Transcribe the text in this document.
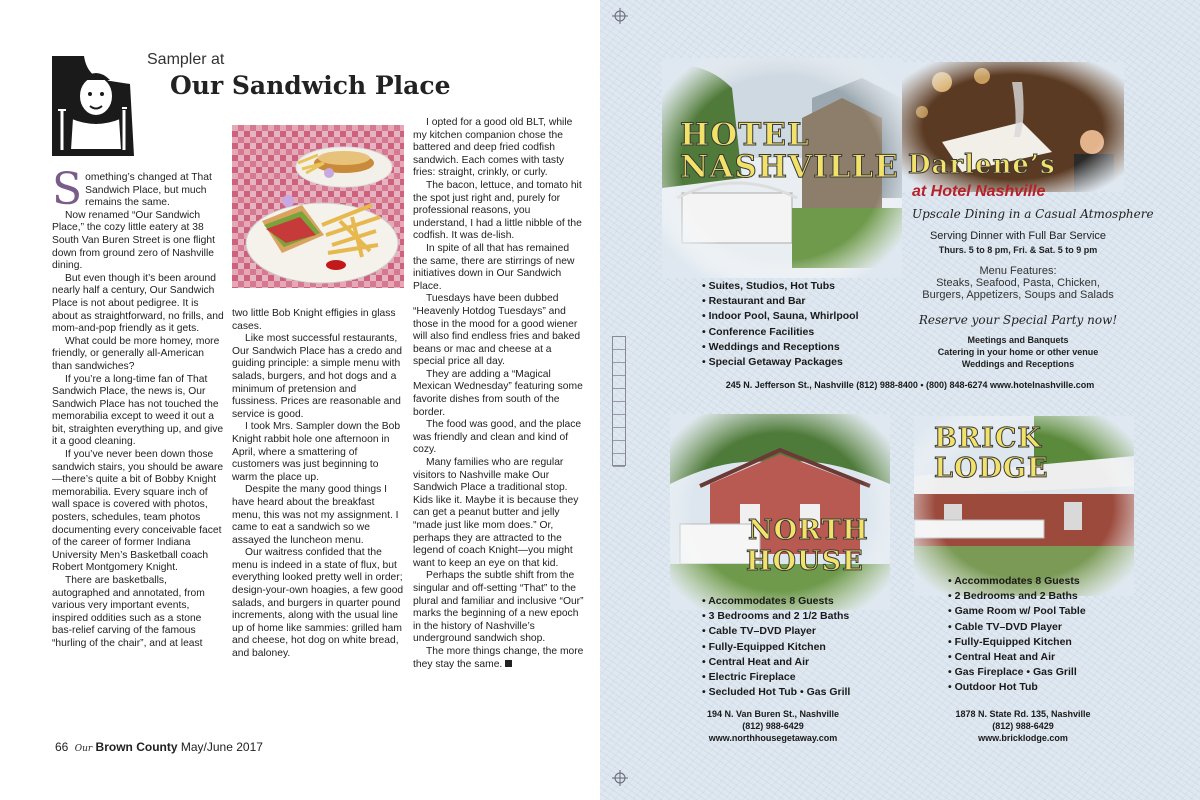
Sampler at
Our Sandwich Place

Something’s changed at That Sandwich Place, but much remains the same.

Now renamed “Our Sandwich Place,” the cozy little eatery at 38 South Van Buren Street is one flight down from ground zero of Nashville dining.

But even though it’s been around nearly half a century, Our Sandwich Place is not about pedigree. It is about as straightforward, no frills, and mom-and-pop friendly as it gets.

What could be more homey, more friendly, or generally all-American than sandwiches?

If you’re a long-time fan of That Sandwich Place, the news is, Our Sandwich Place has not touched the memorabilia except to weed it out a bit, straighten everything up, and give it a good cleaning.

If you’ve never been down those sandwich stairs, you should be aware—there’s quite a bit of Bobby Knight memorabilia. Every square inch of wall space is covered with photos, posters, schedules, team photos documenting every conceivable facet of the career of former Indiana University Men’s Basketball coach Robert Montgomery Knight.

There are basketballs, autographed and annotated, from various very important events, inspired oddities such as a stone bas-relief carving of the famous “hurling of the chair”, and at least

two little Bob Knight effigies in glass cases.

Like most successful restaurants, Our Sandwich Place has a credo and guiding principle: a simple menu with salads, burgers, and hot dogs and a minimum of pretension and fussiness. Prices are reasonable and service is good.

I took Mrs. Sampler down the Bob Knight rabbit hole one afternoon in April, where a smattering of customers was just beginning to warm the place up.

Despite the many good things I have heard about the breakfast menu, this was not my assignment. I came to eat a sandwich so we assayed the luncheon menu.

Our waitress confided that the menu is indeed in a state of flux, but everything looked pretty well in order; design-your-own hoagies, a few good salads, and burgers in quarter pound increments, along with the usual line up of home like sammies: grilled ham and cheese, hot dog on white bread, and baloney.

I opted for a good old BLT, while my kitchen companion chose the battered and deep fried codfish sandwich. Each comes with tasty fries: straight, crinkly, or curly.

The bacon, lettuce, and tomato hit the spot just right and, purely for professional reasons, you understand, I had a little nibble of the codfish. It was de-lish.

In spite of all that has remained the same, there are stirrings of new initiatives down in Our Sandwich Place.

Tuesdays have been dubbed “Heavenly Hotdog Tuesdays” and those in the mood for a good wiener will also find endless fries and baked beans or mac and cheese at a special price all day.

They are adding a “Magical Mexican Wednesday” featuring some favorite dishes from south of the border.

The food was good, and the place was friendly and clean and kind of cozy.

Many families who are regular visitors to Nashville make Our Sandwich Place a traditional stop. Kids like it. Maybe it is because they can get a peanut butter and jelly “made just like mom does.” Or, perhaps they are attracted to the legend of coach Knight—you might want to keep an eye on that kid.

Perhaps the subtle shift from the singular and off-setting “That” to the plural and familiar and inclusive “Our” marks the beginning of a new epoch in the history of Nashville’s underground sandwich shop.

The more things change, the more they stay the same.

66 Our Brown County May/June 2017
HOTEL
NASHVILLE Darlene’s
at Hotel Nashville
Upscale Dining in a Casual Atmosphere
Serving Dinner with Full Bar Service
Thurs. 5 to 8 pm, Fri. & Sat. 5 to 9 pm
Menu Features:
Steaks, Seafood, Pasta, Chicken,
Burgers, Appetizers, Soups and Salads
Reserve your Special Party now!
Meetings and Banquets
Catering in your home or other venue
Weddings and Receptions
• Suites, Studios, Hot Tubs
• Restaurant and Bar
• Indoor Pool, Sauna, Whirlpool
• Conference Facilities
• Weddings and Receptions
• Special Getaway Packages
245 N. Jefferson St., Nashville (812) 988-8400 • (800) 848-6274 www.hotelnashville.com
NORTH
HOUSE
• Accommodates 8 Guests
• 3 Bedrooms and 2 1/2 Baths
• Cable TV–DVD Player
• Fully-Equipped Kitchen
• Central Heat and Air
• Electric Fireplace
• Secluded Hot Tub • Gas Grill
194 N. Van Buren St., Nashville
(812) 988-6429
www.northhousegetaway.com
BRICK
LODGE
• Accommodates 8 Guests
• 2 Bedrooms and 2 Baths
• Game Room w/ Pool Table
• Cable TV–DVD Player
• Fully-Equipped Kitchen
• Central Heat and Air
• Gas Fireplace • Gas Grill
• Outdoor Hot Tub
1878 N. State Rd. 135, Nashville
(812) 988-6429
www.bricklodge.com
